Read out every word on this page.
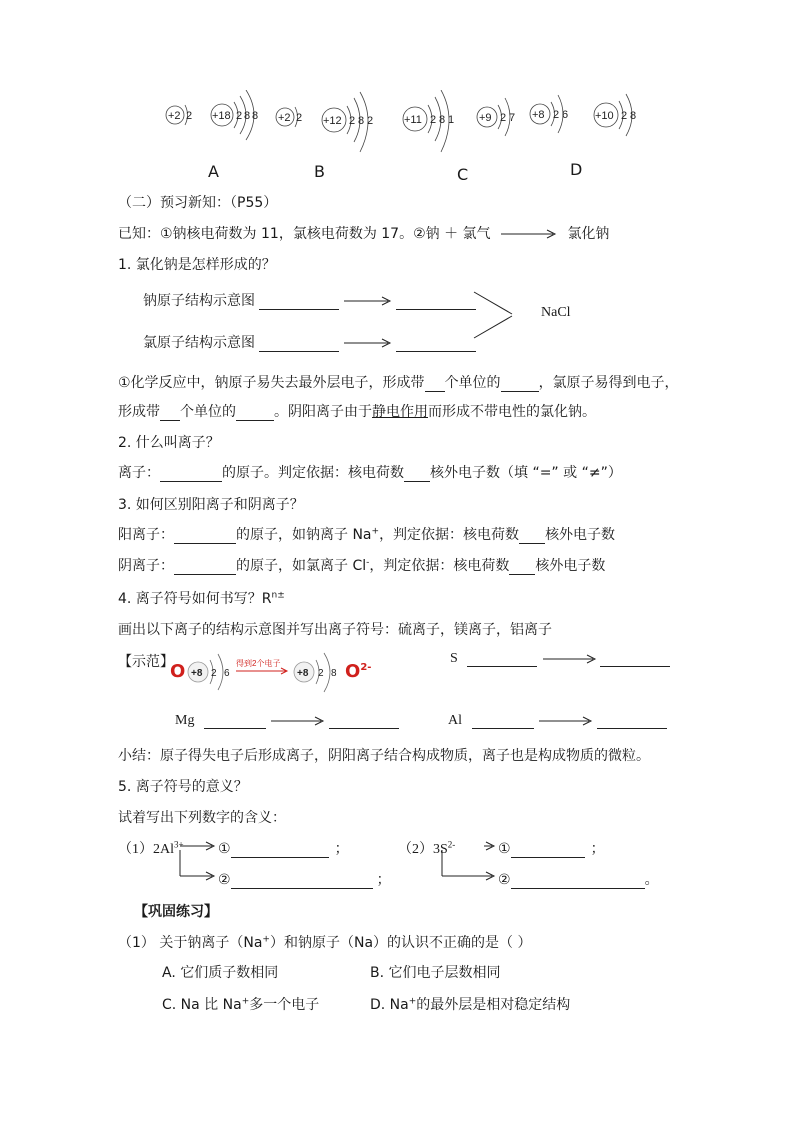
+2 2 +18 2 8 8 +2 2 +12 2 8 2	+11 2 8 1 +9 2 7 +8 2 6 +10 2 8
A	B	C	D
（二）预习新知：（P55）
已知：①钠核电荷数为 11，氯核电荷数为 17。②钠 ＋ 氯气	氯化钠
1. 氯化钠是怎样形成的？
钠原子结构示意图
氯原子结构示意图
NaCl
①化学反应中，钠原子易失去最外层电子，形成带 个单位的	，氯原子易得到电子，
形成带 个单位的	。阴阳离子由于静电作用而形成不带电性的氯化钠。
2. 什么叫离子？
离子：	的原子。判定依据：核电荷数 核外电子数（填 “=” 或 “≠”）
3. 如何区别阳离子和阴离子？
阳离子：	的原子，如钠离子 Na+，判定依据：核电荷数 核外电子数
阴离子：	的原子，如氯离子 Cl-，判定依据：核电荷数 核外电子数
4. 离子符号如何书写？$R^{n\pm}$
画出以下离子的结构示意图并写出离子符号：硫离子，镁离子，铝离子
【示范】
O +8 2 6
得到2个电子
+8 2 8 $O^{2-}$
S
Mg	Al
小结：原子得失电子后形成离子，阴阳离子结合构成物质，离子也是构成物质的微粒。
5. 离子符号的意义？
试着写出下列数字的含义：
$(1)2Al^{3+}$ ①	；
②	；
$(2)3S^{2-}$	①	；
②	。
【巩固练习】
（1） 关于钠离子（Na+）和钠原子（Na）的认识不正确的是（ ）
A. 它们质子数相同	B. 它们电子层数相同
C. Na 比 Na+多一个电子	D. Na+的最外层是相对稳定结构
